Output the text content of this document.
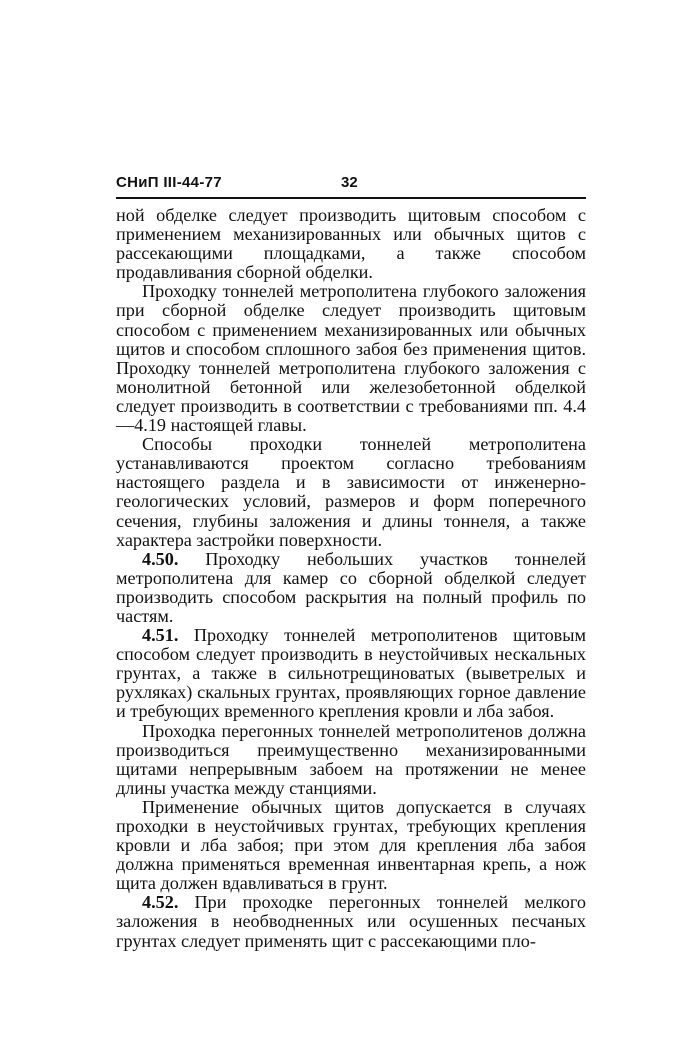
СНиП III-44-77	32

ной обделке следует производить щитовым способом с применением механизированных или обычных щитов с рассекающими площадками, а также способом продавливания сборной обделки.

Проходку тоннелей метрополитена глубокого заложения при сборной обделке следует производить щитовым способом с применением механизированных или обычных щитов и способом сплошного забоя без применения щитов. Проходку тоннелей метрополитена глубокого заложения с монолитной бетонной или железобетонной обделкой следует производить в соответствии с требованиями пп. 4.4—4.19 настоящей главы.

Способы проходки тоннелей метрополитена устанавливаются проектом согласно требованиям настоящего раздела и в зависимости от инженерно-геологических условий, размеров и форм поперечного сечения, глубины заложения и длины тоннеля, а также характера застройки поверхности.

4.50. Проходку небольших участков тоннелей метрополитена для камер со сборной обделкой следует производить способом раскрытия на полный профиль по частям.

4.51. Проходку тоннелей метрополитенов щитовым способом следует производить в неустойчивых нескальных грунтах, а также в сильнотрещиноватых (выветрелых и рухляках) скальных грунтах, проявляющих горное давление и требующих временного крепления кровли и лба забоя.

Проходка перегонных тоннелей метрополитенов должна производиться преимущественно механизированными щитами непрерывным забоем на протяжении не менее длины участка между станциями.

Применение обычных щитов допускается в случаях проходки в неустойчивых грунтах, требующих крепления кровли и лба забоя; при этом для крепления лба забоя должна применяться временная инвентарная крепь, а нож щита должен вдавливаться в грунт.

4.52. При проходке перегонных тоннелей мелкого заложения в необводненных или осушенных песчаных грунтах следует применять щит с рассекающими пло-
